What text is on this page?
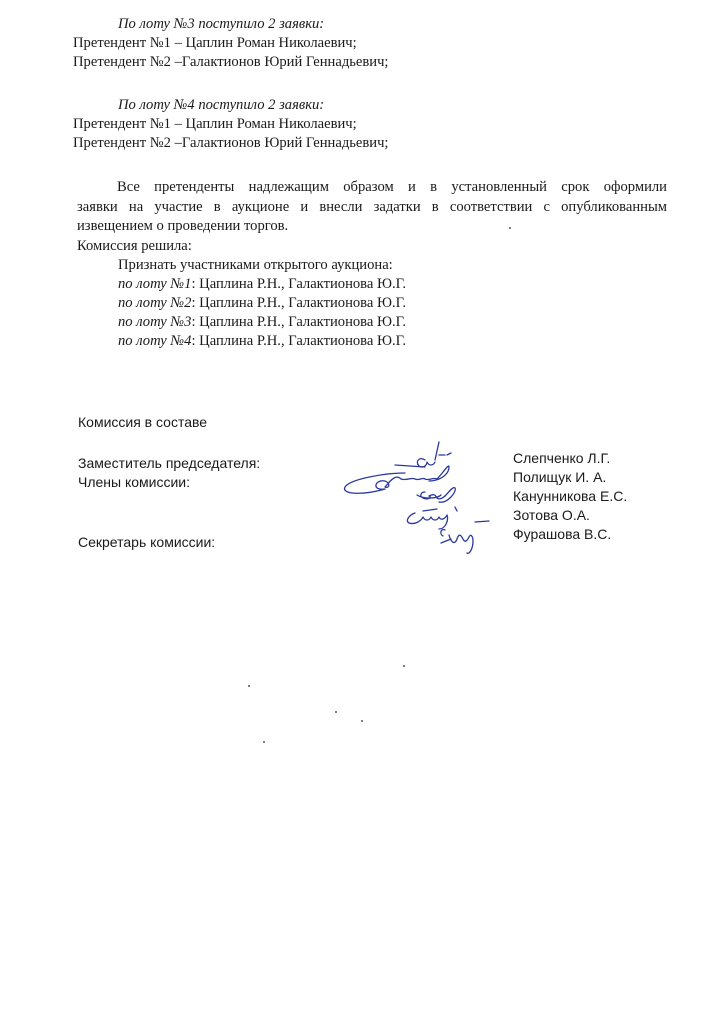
По лоту №3 поступило 2 заявки:
Претендент №1 – Цаплин Роман Николаевич;
Претендент №2 –Галактионов Юрий Геннадьевич;
По лоту №4 поступило 2 заявки:
Претендент №1 – Цаплин Роман Николаевич;
Претендент №2 –Галактионов Юрий Геннадьевич;
Все претенденты надлежащим образом и в установленный срок оформили
заявки на участие в аукционе и внесли задатки в соответствии с опубликованным
извещением о проведении торгов.
Комиссия решила:
Признать участниками открытого аукциона:
по лоту №1: Цаплина Р.Н., Галактионова Ю.Г.
по лоту №2: Цаплина Р.Н., Галактионова Ю.Г.
по лоту №3: Цаплина Р.Н., Галактионова Ю.Г.
по лоту №4: Цаплина Р.Н., Галактионова Ю.Г.
Комиссия в составе
Заместитель председателя:
Члены комиссии:
Секретарь комиссии:
Слепченко Л.Г.
Полищук И. А.
Канунникова Е.С.
Зотова О.А.
Фурашова В.С.
